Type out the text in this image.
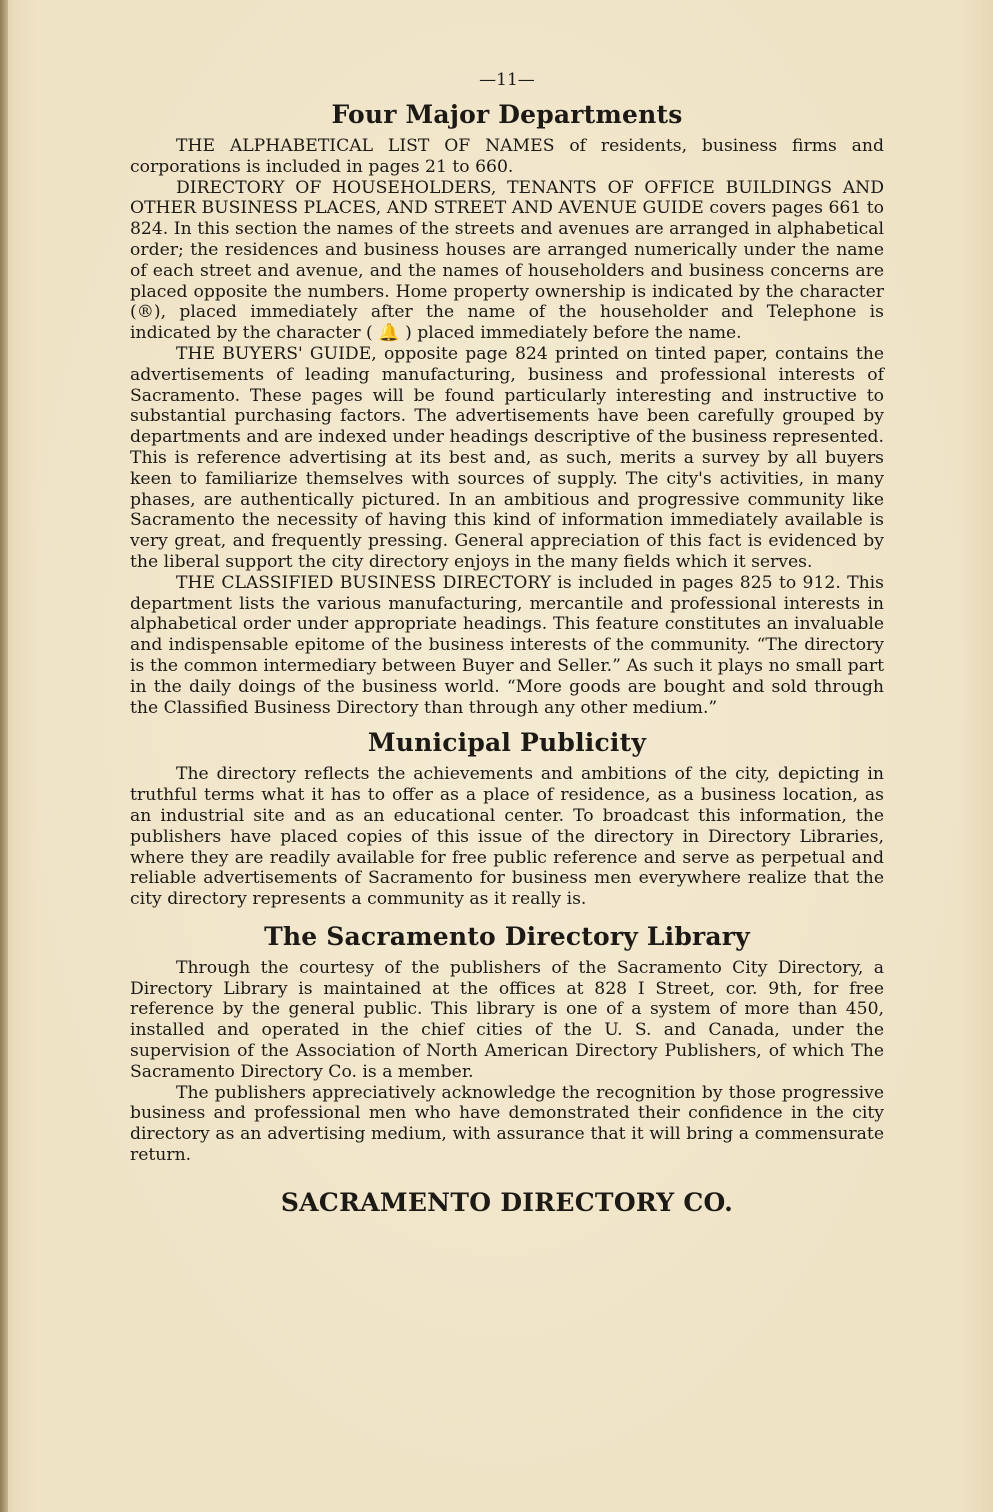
—11—
Four Major Departments

THE ALPHABETICAL LIST OF NAMES of residents, business firms and corporations is included in pages 21 to 660.

DIRECTORY OF HOUSEHOLDERS, TENANTS OF OFFICE BUILDINGS AND OTHER BUSINESS PLACES, AND STREET AND AVENUE GUIDE covers pages 661 to 824. In this section the names of the streets and avenues are arranged in alphabetical order; the residences and business houses are arranged numerically under the name of each street and avenue, and the names of householders and business concerns are placed opposite the numbers. Home property ownership is indicated by the character (®), placed immediately after the name of the householder and Telephone is indicated by the character ( 🔔 ) placed immediately before the name.

THE BUYERS' GUIDE, opposite page 824 printed on tinted paper, contains the advertisements of leading manufacturing, business and professional interests of Sacramento. These pages will be found particularly interesting and instructive to substantial purchasing factors. The advertisements have been carefully grouped by departments and are indexed under headings descriptive of the business represented. This is reference advertising at its best and, as such, merits a survey by all buyers keen to familiarize themselves with sources of supply. The city's activities, in many phases, are authentically pictured. In an ambitious and progressive community like Sacramento the necessity of having this kind of information immediately available is very great, and frequently pressing. General appreciation of this fact is evidenced by the liberal support the city directory enjoys in the many fields which it serves.

THE CLASSIFIED BUSINESS DIRECTORY is included in pages 825 to 912. This department lists the various manufacturing, mercantile and professional interests in alphabetical order under appropriate headings. This feature constitutes an invaluable and indispensable epitome of the business interests of the community. “The directory is the common intermediary between Buyer and Seller.” As such it plays no small part in the daily doings of the business world. “More goods are bought and sold through the Classified Business Directory than through any other medium.”

Municipal Publicity

The directory reflects the achievements and ambitions of the city, depicting in truthful terms what it has to offer as a place of residence, as a business location, as an industrial site and as an educational center. To broadcast this information, the publishers have placed copies of this issue of the directory in Directory Libraries, where they are readily available for free public reference and serve as perpetual and reliable advertisements of Sacramento for business men everywhere realize that the city directory represents a community as it really is.

The Sacramento Directory Library

Through the courtesy of the publishers of the Sacramento City Directory, a Directory Library is maintained at the offices at 828 I Street, cor. 9th, for free reference by the general public. This library is one of a system of more than 450, installed and operated in the chief cities of the U. S. and Canada, under the supervision of the Association of North American Directory Publishers, of which The Sacramento Directory Co. is a member.

The publishers appreciatively acknowledge the recognition by those progressive business and professional men who have demonstrated their confidence in the city directory as an advertising medium, with assurance that it will bring a commensurate return.

SACRAMENTO DIRECTORY CO.
